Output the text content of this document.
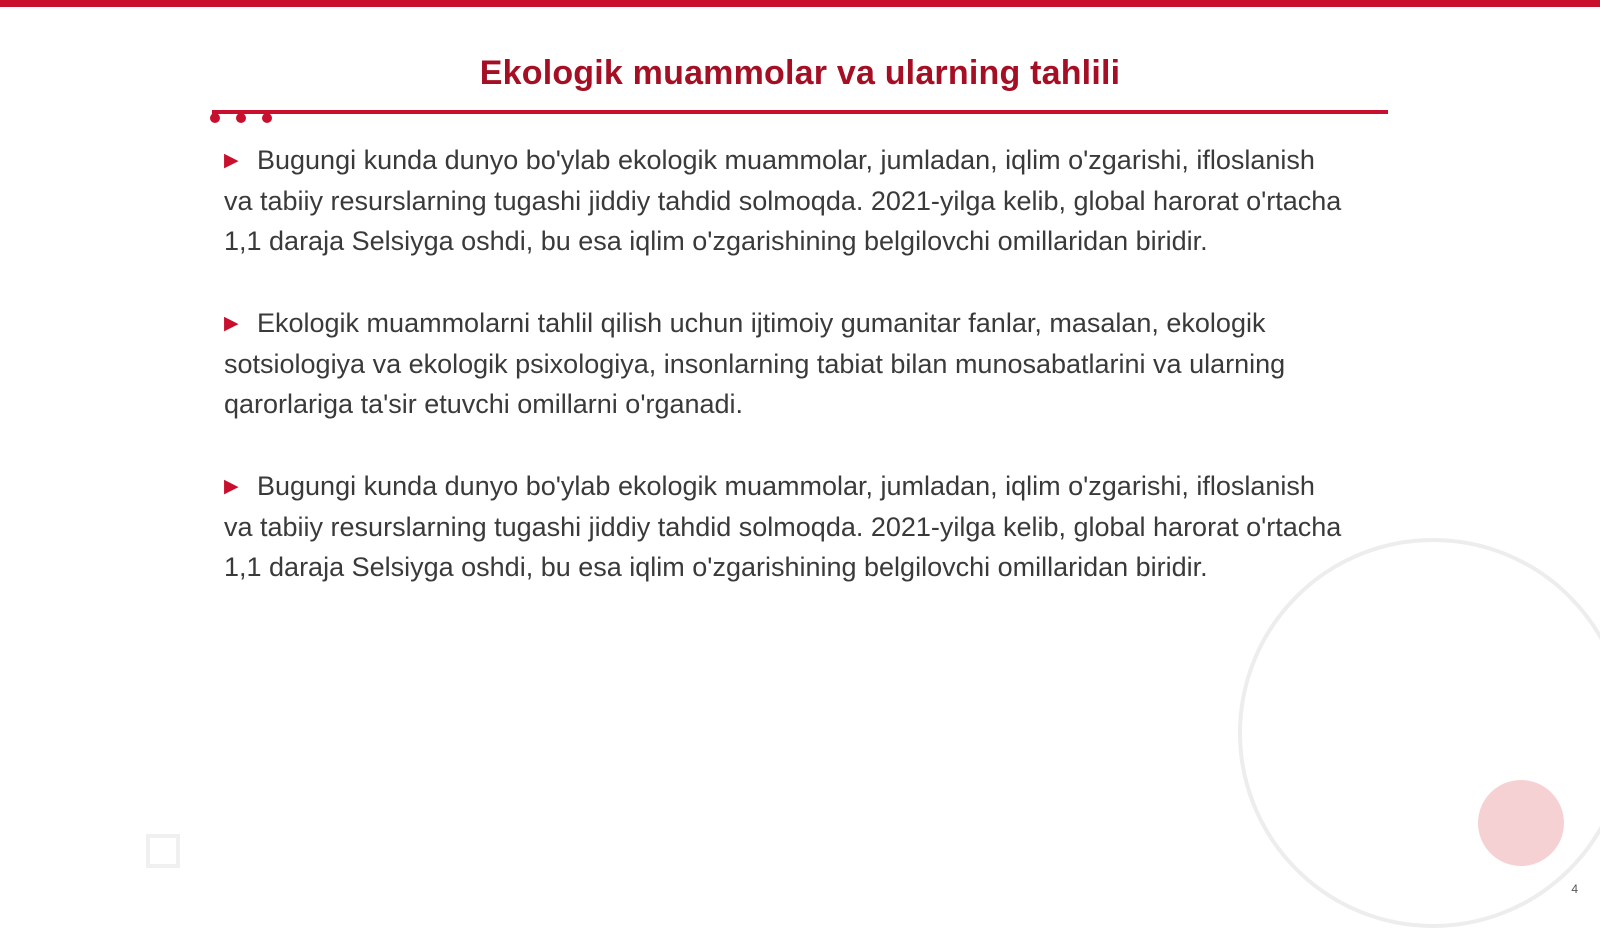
Ekologik muammolar va ularning tahlili
▶ Bugungi kunda dunyo bo'ylab ekologik muammolar, jumladan, iqlim o'zgarishi, ifloslanish va tabiiy resurslarning tugashi jiddiy tahdid solmoqda. 2021-yilga kelib, global harorat o'rtacha 1,1 daraja Selsiyga oshdi, bu esa iqlim o'zgarishining belgilovchi omillaridan biridir.
▶ Ekologik muammolarni tahlil qilish uchun ijtimoiy gumanitar fanlar, masalan, ekologik sotsiologiya va ekologik psixologiya, insonlarning tabiat bilan munosabatlarini va ularning qarorlariga ta'sir etuvchi omillarni o'rganadi.
▶ Bugungi kunda dunyo bo'ylab ekologik muammolar, jumladan, iqlim o'zgarishi, ifloslanish va tabiiy resurslarning tugashi jiddiy tahdid solmoqda. 2021-yilga kelib, global harorat o'rtacha 1,1 daraja Selsiyga oshdi, bu esa iqlim o'zgarishining belgilovchi omillaridan biridir.
4
